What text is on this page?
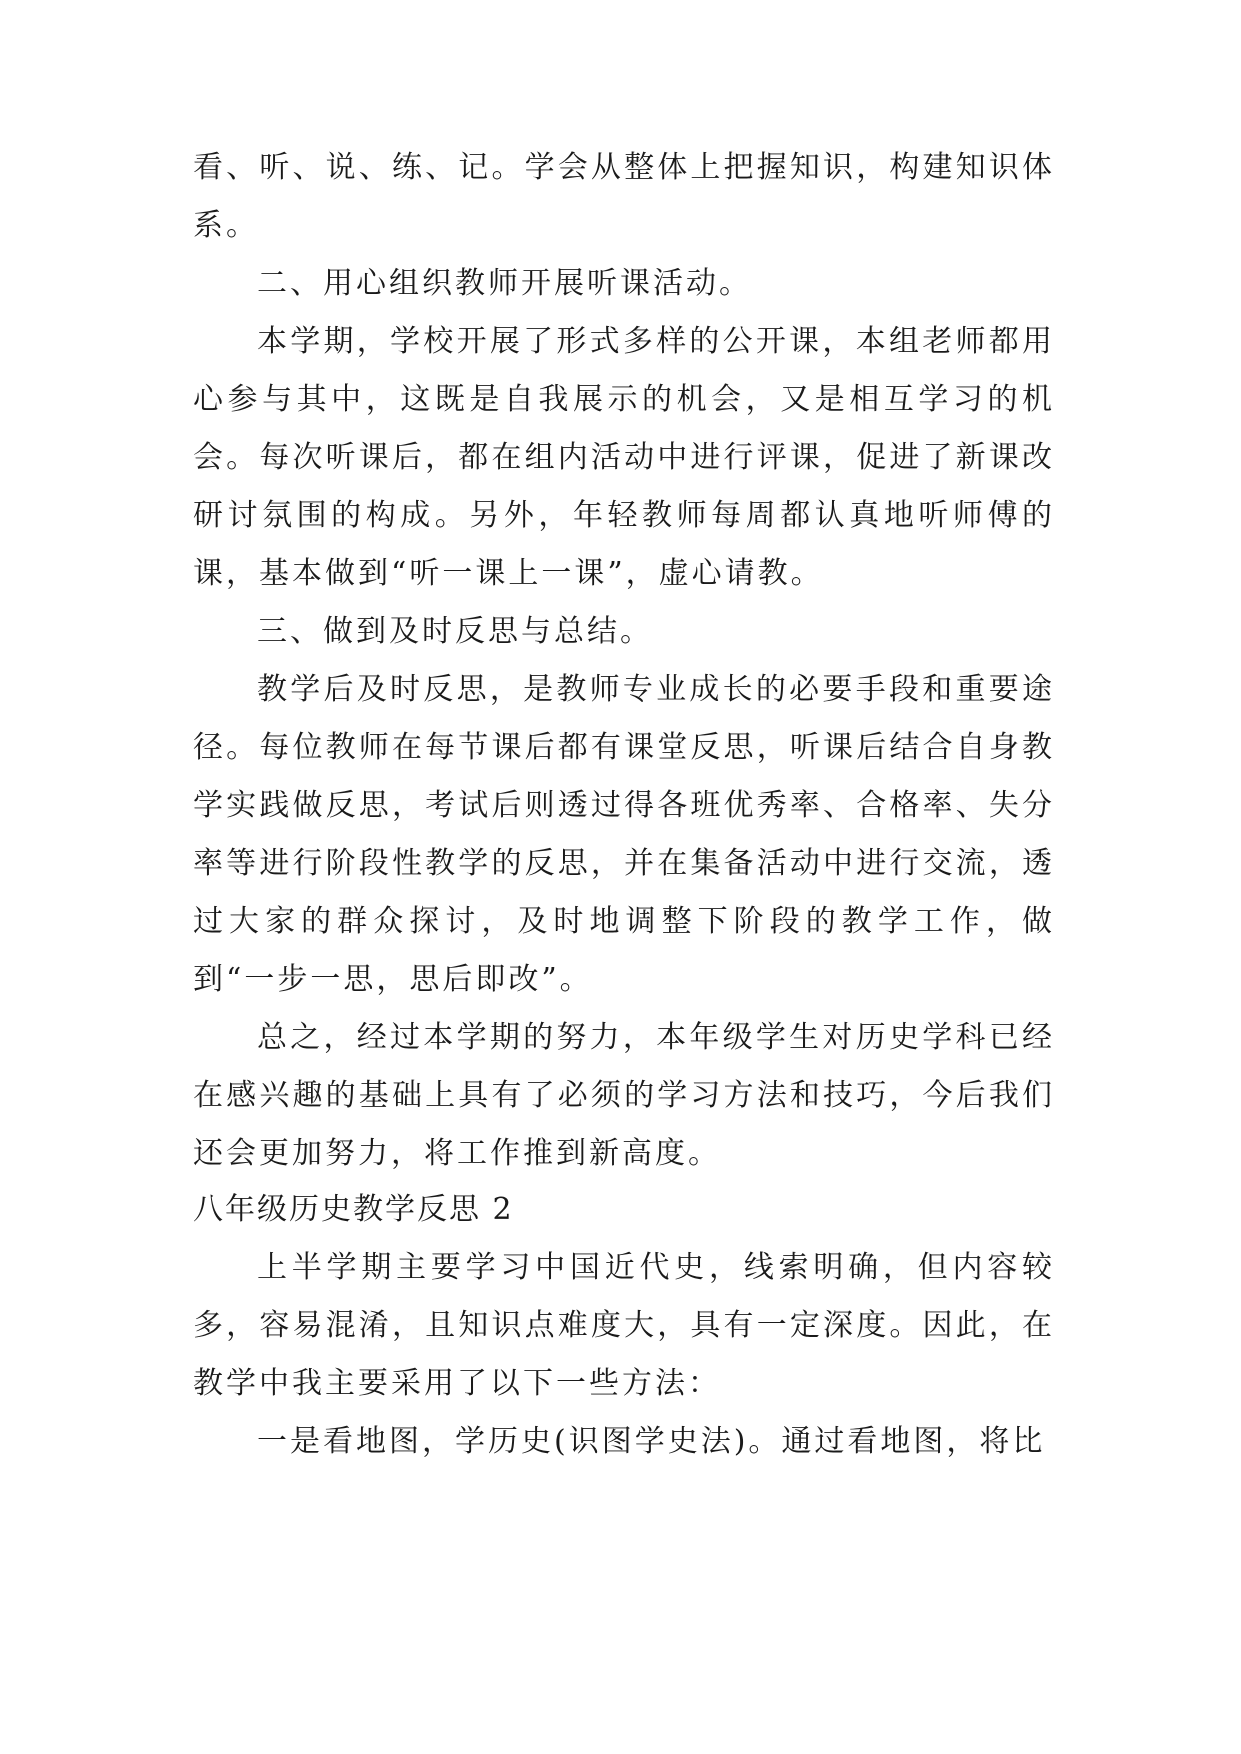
看、听、说、练、记。学会从整体上把握知识，构建知识体系。

二、用心组织教师开展听课活动。

本学期，学校开展了形式多样的公开课，本组老师都用心参与其中，这既是自我展示的机会，又是相互学习的机会。每次听课后，都在组内活动中进行评课，促进了新课改研讨氛围的构成。另外，年轻教师每周都认真地听师傅的课，基本做到“听一课上一课”，虚心请教。

三、做到及时反思与总结。

教学后及时反思，是教师专业成长的必要手段和重要途径。每位教师在每节课后都有课堂反思，听课后结合自身教学实践做反思，考试后则透过得各班优秀率、合格率、失分率等进行阶段性教学的反思，并在集备活动中进行交流，透过大家的群众探讨，及时地调整下阶段的教学工作，做到“一步一思，思后即改”。

总之，经过本学期的努力，本年级学生对历史学科已经在感兴趣的基础上具有了必须的学习方法和技巧，今后我们还会更加努力，将工作推到新高度。

八年级历史教学反思 2

上半学期主要学习中国近代史，线索明确，但内容较多，容易混淆，且知识点难度大，具有一定深度。因此，在教学中我主要采用了以下一些方法：

一是看地图，学历史(识图学史法)。通过看地图，将比
